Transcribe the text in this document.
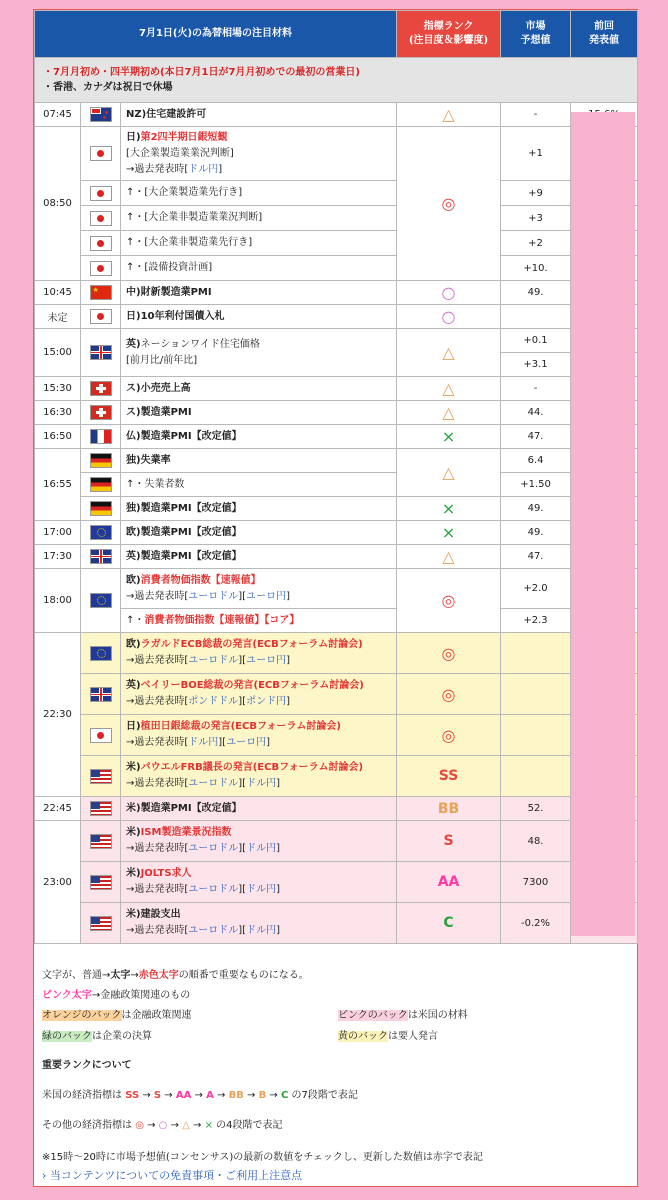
7月1日(火)の為替相場の注目材料			指標ランク
(注目度＆影響度)	市場
予想値	前回
発表値

・7月月初め・四半期初め(本日7月1日が7月月初めでの最初の営業日)
・香港、カナダは祝日で休場					

07:45		NZ)住宅建設許可	△	-	
08:50		日)第2四半期日銀短観
[大企業製造業業況判断]
→過去発表時[ドル円]	◎	+1	

		↑・[大企業製造業先行き]		+9	

		↑・[大企業非製造業業況判断]		+3	

		↑・[大企業非製造業先行き]		+2	

		↑・[設備投資計画]		+10.	
10:45	★	中)財新製造業PMI	○	49.	
未定		日)10年利付国債入札	○		
15:00		英)ネーションワイド住宅価格
[前月比/前年比]	△	+0.1	
				+3.1	
15:30		ス)小売売上高	△	-	
16:30		ス)製造業PMI	△	44.	
16:50		仏)製造業PMI【改定値】	×	47.	
16:55		独)失業率	△	6.4	
		↑・失業者数		+1.50	
		独)製造業PMI【改定値】	×	49.	
17:00		欧)製造業PMI【改定値】	×	49.	
17:30		英)製造業PMI【改定値】	△	47.	
18:00		欧)消費者物価指数【速報値】
→過去発表時[ユーロドル][ユーロ円]	◎	+2.0	
		↑・消費者物価指数【速報値】【コア】		+2.3	
22:30		欧)ラガルドECB総裁の発言(ECBフォーラム討論会)
→過去発表時[ユーロドル][ユーロ円]	◎		

		英)ベイリーBOE総裁の発言(ECBフォーラム討論会)
→過去発表時[ポンドドル][ポンド円]	◎		

		日)植田日銀総裁の発言(ECBフォーラム討論会)
→過去発表時[ドル円][ユーロ円]	◎		

		米)パウエルFRB議長の発言(ECBフォーラム討論会)
→過去発表時[ユーロドル][ドル円]	SS		
22:45		米)製造業PMI【改定値】	BB	52.	
23:00		米)ISM製造業景況指数
→過去発表時[ユーロドル][ドル円]	S	48.	

		米)JOLTS求人
→過去発表時[ユーロドル][ドル円]	AA	7300	

		米)建設支出
→過去発表時[ユーロドル][ドル円]	C	-0.2%	
文字が、普通→太字→赤色太字の順番で重要なものになる。
ピンク太字→金融政策関連のもの
オレンジのバックは金融政策関連	ピンクのバックは米国の材料
緑のバックは企業の決算	黄のバックは要人発言
重要ランクについて
米国の経済指標は SS → S → AA → A → BB → B → C の7段階で表記
その他の経済指標は ◎ → ○ → △ → × の4段階で表記
※15時～20時に市場予想値(コンセンサス)の最新の数値をチェックし、更新した数値は赤字で表記
› 当コンテンツについての免責事項・ご利用上注意点
